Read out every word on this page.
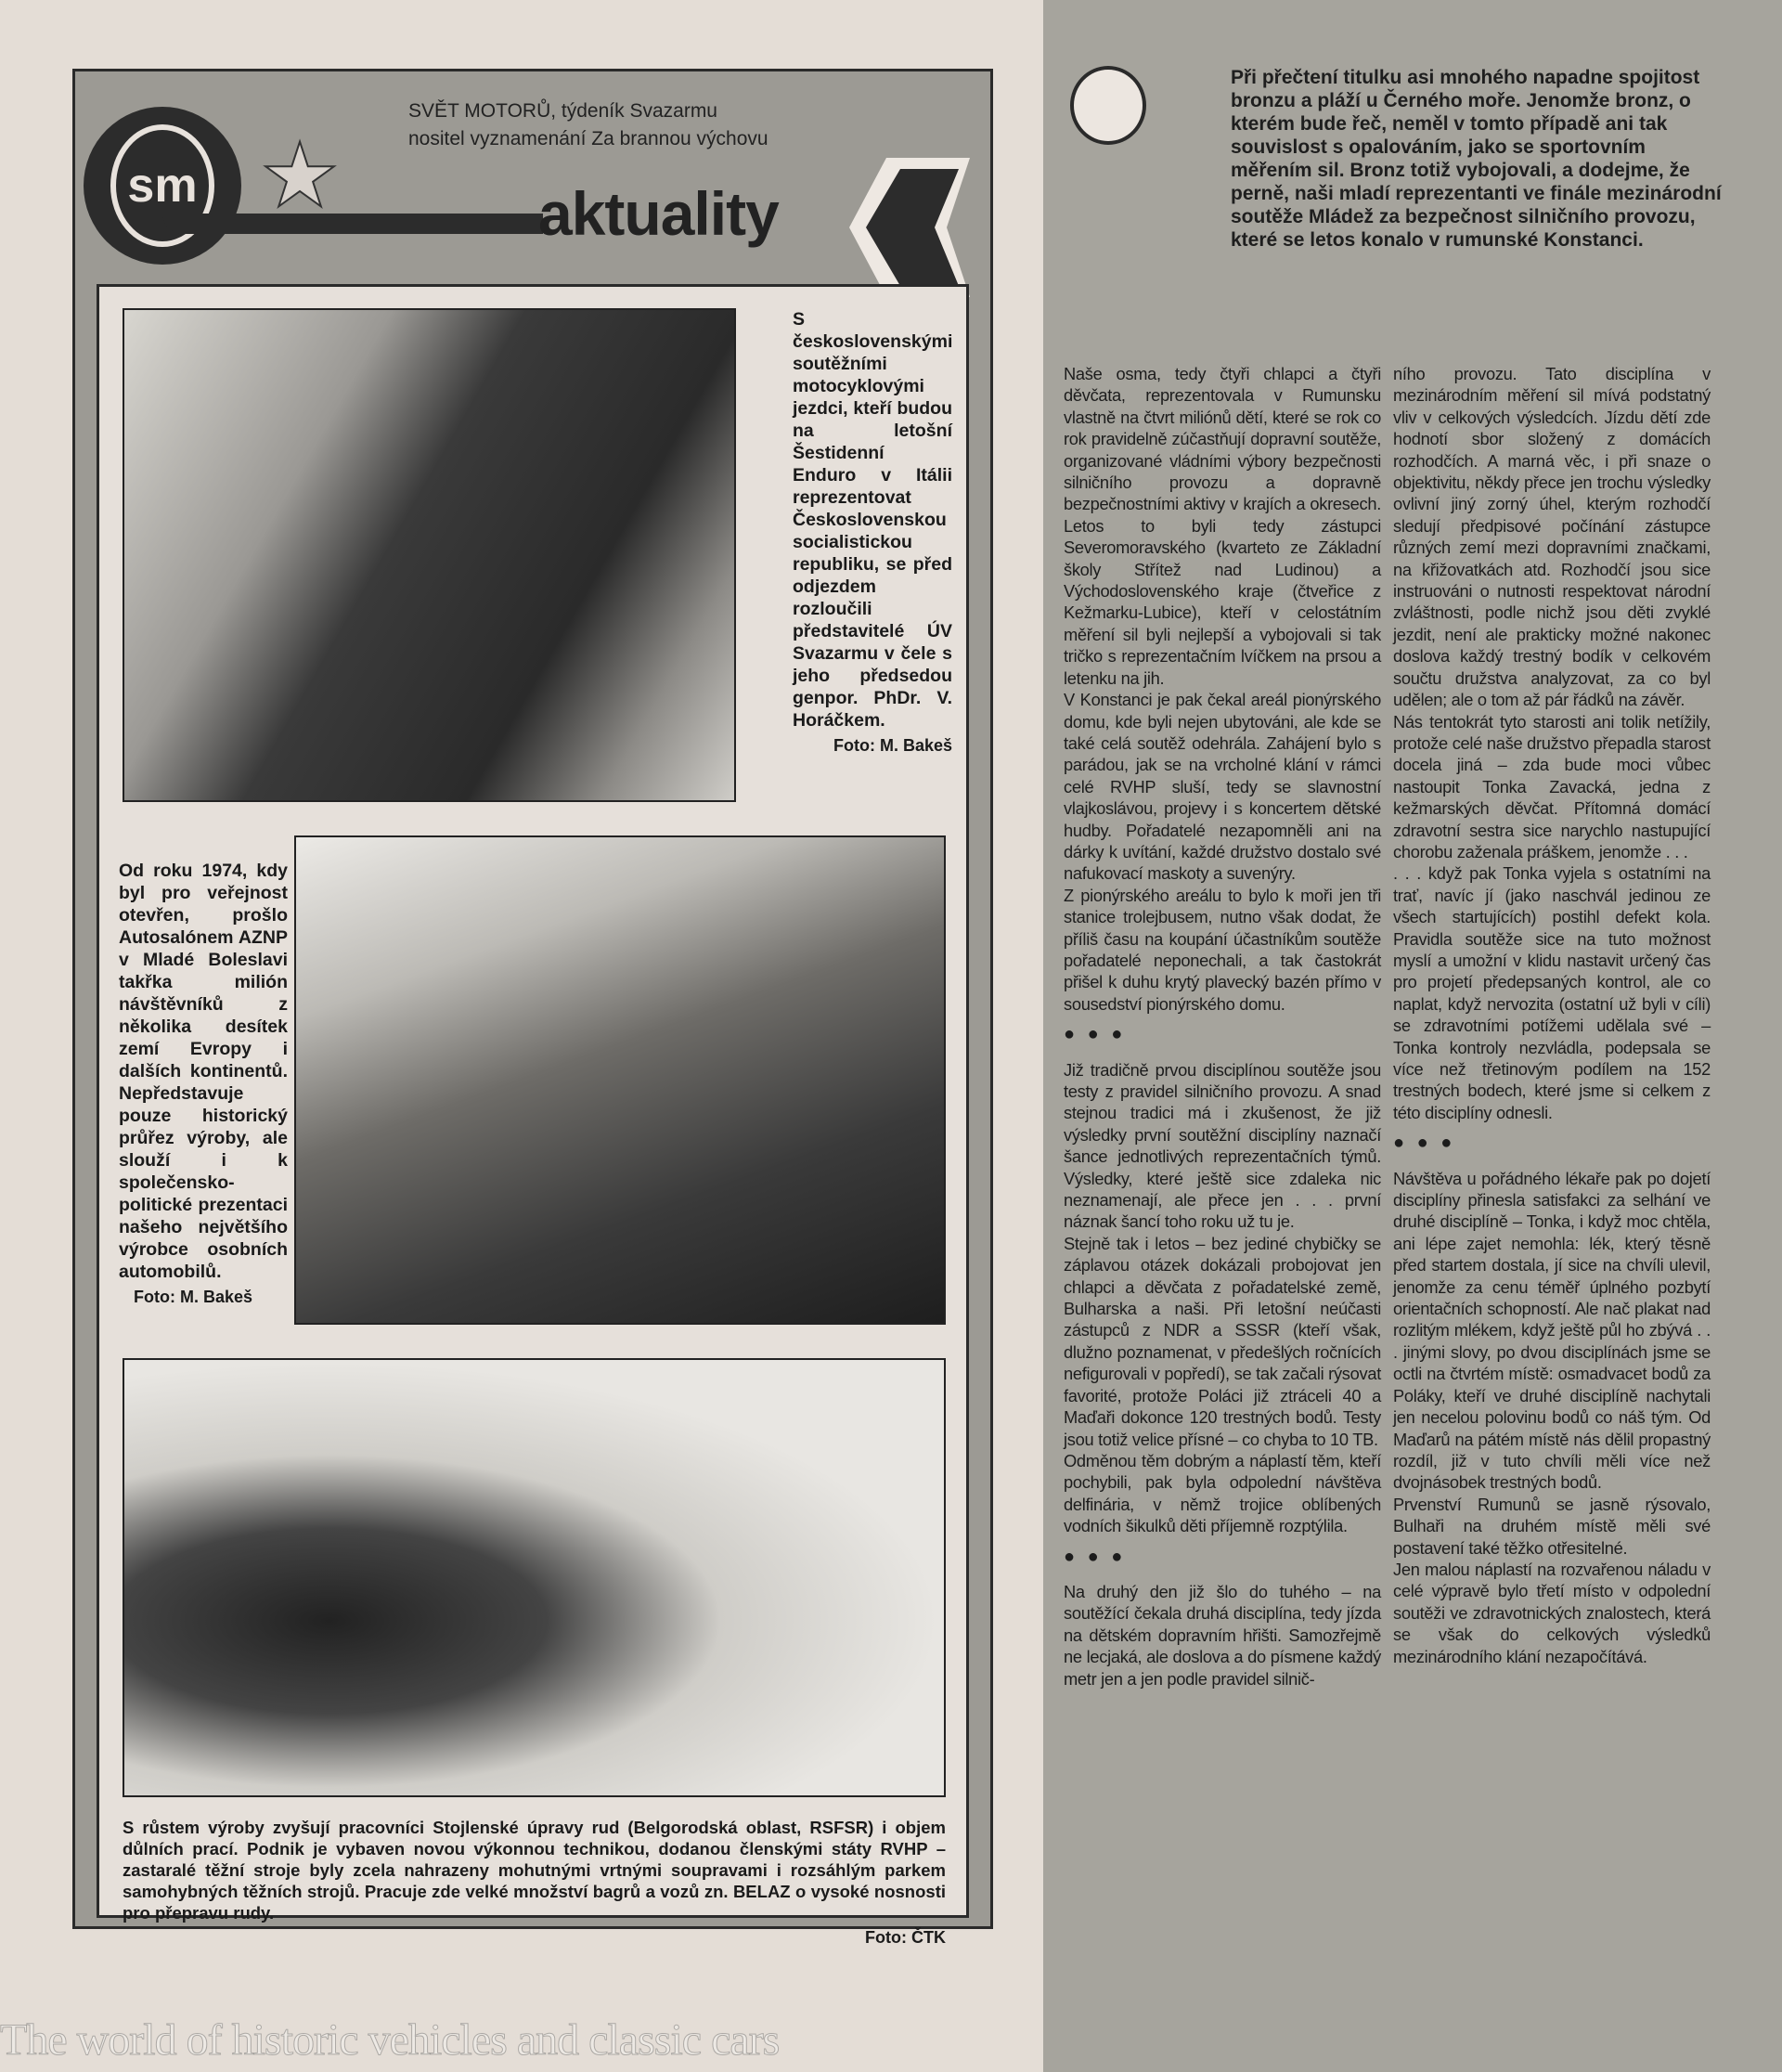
sm ★
SVĚT MOTORŮ, týdeník Svazarmu
nositel vyznamenání Za brannou výchovu
aktuality
S československými soutěžními motocyklovými jezdci, kteří budou na letošní Šestidenní Enduro v Itálii reprezentovat Československou socialistickou republiku, se před odjezdem rozloučili představitelé ÚV Svazarmu v čele s jeho předsedou genpor. PhDr. V. Horáčkem.
Foto: M. Bakeš
Od roku 1974, kdy byl pro veřejnost otevřen, prošlo Autosalónem AZNP v Mladé Boleslavi takřka milión návštěvníků z několika desítek zemí Evropy i dalších kontinentů. Nepředstavuje pouze historický průřez výroby, ale slouží i k společensko-politické prezentaci našeho největšího výrobce osobních automobilů.
Foto: M. Bakeš
S růstem výroby zvyšují pracovníci Stojlenské úpravy rud (Belgorodská oblast, RSFSR) i objem důlních prací. Podnik je vybaven novou výkonnou technikou, dodanou členskými státy RVHP – zastaralé těžní stroje byly zcela nahrazeny mohutnými vrtnými soupravami i rozsáhlým parkem samohybných těžních strojů. Pracuje zde velké množství bagrů a vozů zn. BELAZ o vysoké nosnosti pro přepravu rudy.
Foto: ČTK
Při přečtení titulku asi mnohého napadne spojitost bronzu a pláží u Černého moře. Jenomže bronz, o kterém bude řeč, neměl v tomto případě ani tak souvislost s opalováním, jako se sportovním měřením sil. Bronz totiž vybojovali, a dodejme, že perně, naši mladí reprezentanti ve finále mezinárodní soutěže Mládež za bezpečnost silničního provozu, které se letos konalo v rumunské Konstanci.

Naše osma, tedy čtyři chlapci a čtyři děvčata, reprezentovala v Rumunsku vlastně na čtvrt miliónů dětí, které se rok co rok pravidelně zúčastňují dopravní soutěže, organizované vládními výbory bezpečnosti silničního provozu a dopravně bezpečnostními aktivy v krajích a okresech. Letos to byli tedy zástupci Severomoravského (kvarteto ze Základní školy Střítež nad Ludinou) a Východoslovenského kraje (čtveřice z Kežmarku-Lubice), kteří v celostátním měření sil byli nejlepší a vybojovali si tak tričko s reprezentačním lvíčkem na prsou a letenku na jih.

V Konstanci je pak čekal areál pionýrského domu, kde byli nejen ubytováni, ale kde se také celá soutěž odehrála. Zahájení bylo s parádou, jak se na vrcholné klání v rámci celé RVHP sluší, tedy se slavnostní vlajkoslávou, projevy i s koncertem dětské hudby. Pořadatelé nezapomněli ani na dárky k uvítání, každé družstvo dostalo své nafukovací maskoty a suvenýry.

Z pionýrského areálu to bylo k moři jen tři stanice trolejbusem, nutno však dodat, že příliš času na koupání účastníkům soutěže pořadatelé neponechali, a tak častokrát přišel k duhu krytý plavecký bazén přímo v sousedství pionýrského domu.

● ● ●

Již tradičně prvou disciplínou soutěže jsou testy z pravidel silničního provozu. A snad stejnou tradici má i zkušenost, že již výsledky první soutěžní disciplíny naznačí šance jednotlivých reprezentačních týmů. Výsledky, které ještě sice zdaleka nic neznamenají, ale přece jen . . . první náznak šancí toho roku už tu je.

Stejně tak i letos – bez jediné chybičky se záplavou otázek dokázali probojovat jen chlapci a děvčata z pořadatelské země, Bulharska a naši. Při letošní neúčasti zástupců z NDR a SSSR (kteří však, dlužno poznamenat, v předešlých ročnících nefigurovali v popředí), se tak začali rýsovat favorité, protože Poláci již ztráceli 40 a Maďaři dokonce 120 trestných bodů. Testy jsou totiž velice přísné – co chyba to 10 TB.

Odměnou těm dobrým a náplastí těm, kteří pochybili, pak byla odpolední návštěva delfinária, v němž trojice oblíbených vodních šikulků děti příjemně rozptýlila.

● ● ●

Na druhý den již šlo do tuhého – na soutěžící čekala druhá disciplína, tedy jízda na dětském dopravním hřišti. Samozřejmě ne lecjaká, ale doslova a do písmene každý metr jen a jen podle pravidel silnič-

ního provozu. Tato disciplína v mezinárodním měření sil mívá podstatný vliv v celkových výsledcích. Jízdu dětí zde hodnotí sbor složený z domácích rozhodčích. A marná věc, i při snaze o objektivitu, někdy přece jen trochu výsledky ovlivní jiný zorný úhel, kterým rozhodčí sledují předpisové počínání zástupce různých zemí mezi dopravními značkami, na křižovatkách atd. Rozhodčí jsou sice instruováni o nutnosti respektovat národní zvláštnosti, podle nichž jsou děti zvyklé jezdit, není ale prakticky možné nakonec doslova každý trestný bodík v celkovém součtu družstva analyzovat, za co byl udělen; ale o tom až pár řádků na závěr.

Nás tentokrát tyto starosti ani tolik netížily, protože celé naše družstvo přepadla starost docela jiná – zda bude moci vůbec nastoupit Tonka Zavacká, jedna z kežmarských děvčat. Přítomná domácí zdravotní sestra sice narychlo nastupující chorobu zaženala práškem, jenomže . . .

. . . když pak Tonka vyjela s ostatními na trať, navíc jí (jako naschvál jedinou ze všech startujících) postihl defekt kola. Pravidla soutěže sice na tuto možnost myslí a umožní v klidu nastavit určený čas pro projetí předepsaných kontrol, ale co naplat, když nervozita (ostatní už byli v cíli) se zdravotními potížemi udělala své – Tonka kontroly nezvládla, podepsala se více než třetinovým podílem na 152 trestných bodech, které jsme si celkem z této disciplíny odnesli.

● ● ●

Návštěva u pořádného lékaře pak po dojetí disciplíny přinesla satisfakci za selhání ve druhé disciplíně – Tonka, i když moc chtěla, ani lépe zajet nemohla: lék, který těsně před startem dostala, jí sice na chvíli ulevil, jenomže za cenu téměř úplného pozbytí orientačních schopností. Ale nač plakat nad rozlitým mlékem, když ještě půl ho zbývá . . . jinými slovy, po dvou disciplínách jsme se octli na čtvrtém místě: osmadvacet bodů za Poláky, kteří ve druhé disciplíně nachytali jen necelou polovinu bodů co náš tým. Od Maďarů na pátém místě nás dělil propastný rozdíl, již v tuto chvíli měli více než dvojnásobek trestných bodů.

Prvenství Rumunů se jasně rýsovalo, Bulhaři na druhém místě měli své postavení také těžko otřesitelné.

Jen malou náplastí na rozvařenou náladu v celé výpravě bylo třetí místo v odpolední soutěži ve zdravotnických znalostech, která se však do celkových výsledků mezinárodního klání nezapočítává.

The world of historic vehicles and classic cars
